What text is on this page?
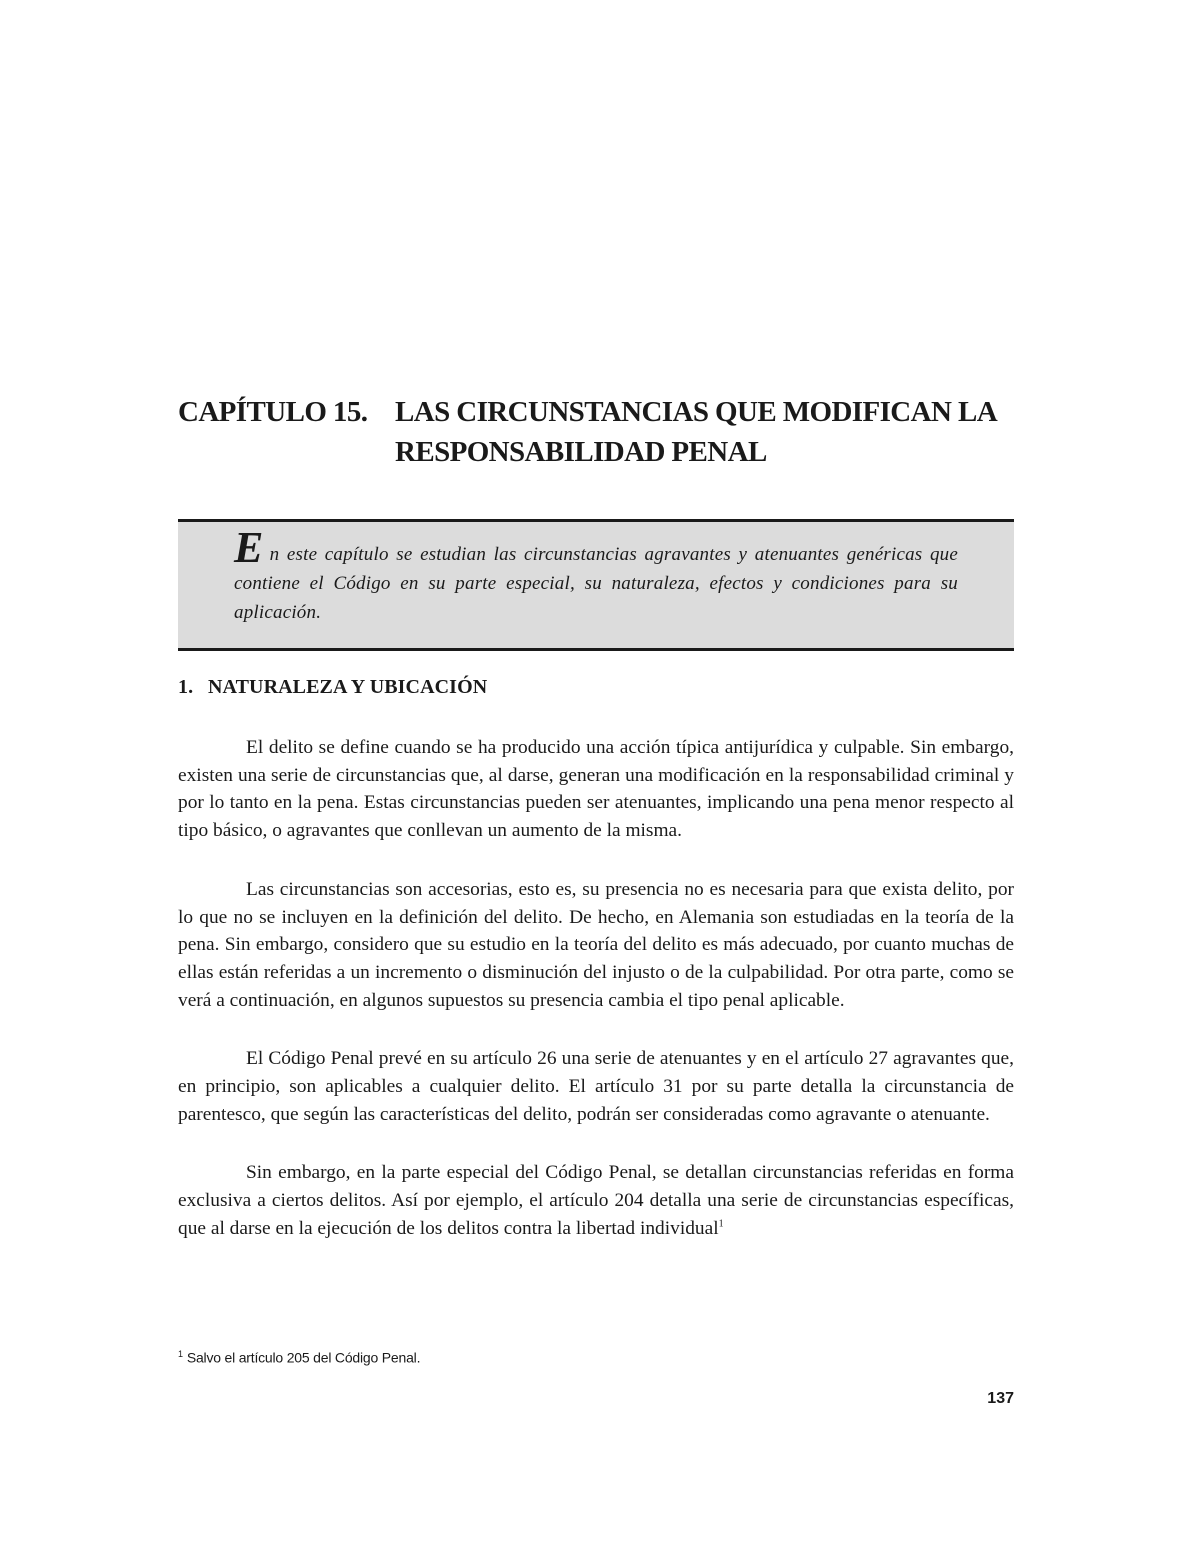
CAPÍTULO 15. LAS CIRCUNSTANCIAS QUE MODIFICAN LA
RESPONSABILIDAD PENAL
En este capítulo se estudian las circunstancias agravantes y atenuantes genéricas que contiene el Código en su parte especial, su naturaleza, efectos y condiciones para su aplicación.
1. NATURALEZA Y UBICACIÓN

El delito se define cuando se ha producido una acción típica antijurídica y culpable. Sin embargo, existen una serie de circunstancias que, al darse, generan una modificación en la responsabilidad criminal y por lo tanto en la pena. Estas circunstancias pueden ser atenuantes, implicando una pena menor respecto al tipo básico, o agravantes que conllevan un aumento de la misma.

Las circunstancias son accesorias, esto es, su presencia no es necesaria para que exista delito, por lo que no se incluyen en la definición del delito. De hecho, en Alemania son estudiadas en la teoría de la pena. Sin embargo, considero que su estudio en la teoría del delito es más adecuado, por cuanto muchas de ellas están referidas a un incremento o disminución del injusto o de la culpabilidad. Por otra parte, como se verá a continuación, en algunos supuestos su presencia cambia el tipo penal aplicable.

El Código Penal prevé en su artículo 26 una serie de atenuantes y en el artículo 27 agravantes que, en principio, son aplicables a cualquier delito. El artículo 31 por su parte detalla la circunstancia de parentesco, que según las características del delito, podrán ser consideradas como agravante o atenuante.

Sin embargo, en la parte especial del Código Penal, se detallan circunstancias referidas en forma exclusiva a ciertos delitos. Así por ejemplo, el artículo 204 detalla una serie de circunstancias específicas, que al darse en la ejecución de los delitos contra la libertad individual$^1$

$^1$ Salvo el artículo 205 del Código Penal.
137
